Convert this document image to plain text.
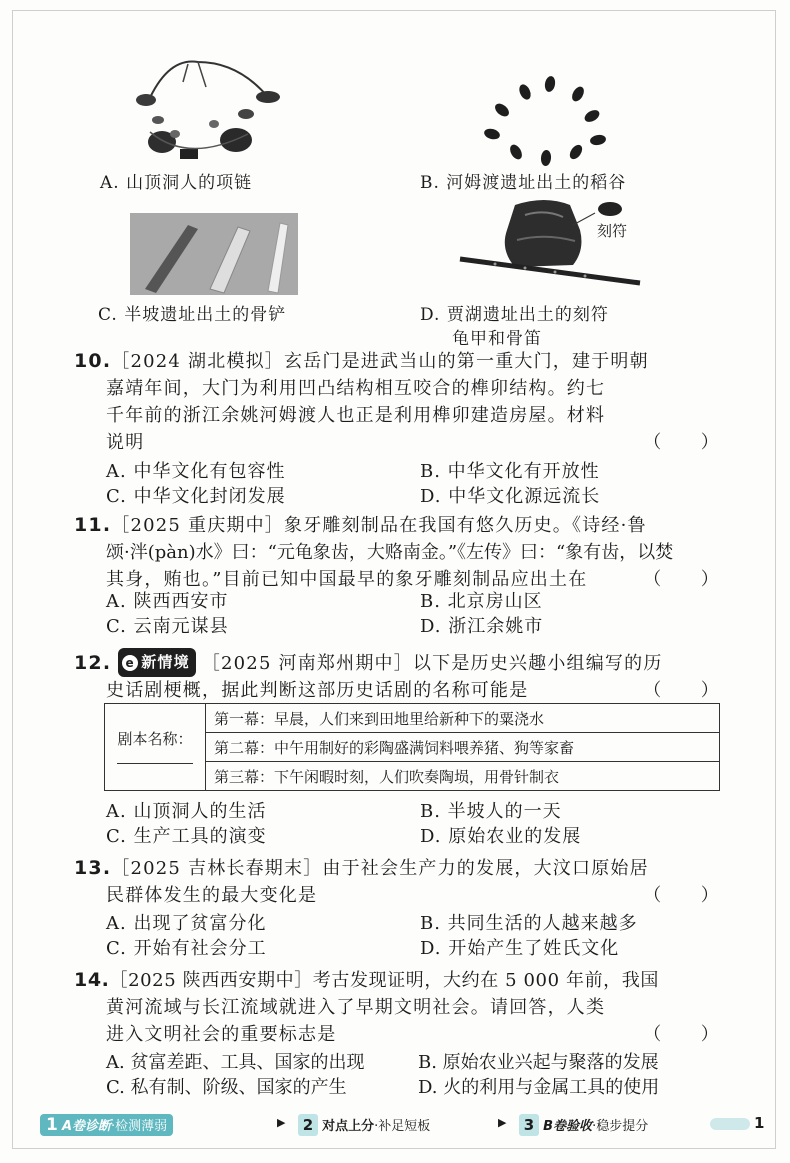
A. 山顶洞人的项链	B. 河姆渡遗址出土的稻谷
C. 半坡遗址出土的骨铲
刻符
D. 贾湖遗址出土的刻符
龟甲和骨笛
10.［2024 湖北模拟］玄岳门是进武当山的第一重大门，建于明朝
嘉靖年间，大门为利用凹凸结构相互咬合的榫卯结构。约七
千年前的浙江余姚河姆渡人也正是利用榫卯建造房屋。材料
说明	（　　）
A. 中华文化有包容性	B. 中华文化有开放性
C. 中华文化封闭发展	D. 中华文化源远流长
11.［2025 重庆期中］象牙雕刻制品在我国有悠久历史。《诗经·鲁
颂·泮(pàn)水》曰：“元龟象齿，大赂南金。”《左传》曰：“象有齿，以焚
其身，贿也。”目前已知中国最早的象牙雕刻制品应出土在	（　　）
A. 陕西西安市	B. 北京房山区
C. 云南元谋县	D. 浙江余姚市
12. e 新情境 ［2025 河南郑州期中］以下是历史兴趣小组编写的历
史话剧梗概，据此判断这部历史话剧的名称可能是	（　　）
剧本名称：
	第一幕：早晨，人们来到田地里给新种下的粟浇水
第二幕：中午用制好的彩陶盛满饲料喂养猪、狗等家畜
第三幕：下午闲暇时刻，人们吹奏陶埙，用骨针制衣
A. 山顶洞人的生活	B. 半坡人的一天
C. 生产工具的演变	D. 原始农业的发展
13.［2025 吉林长春期末］由于社会生产力的发展，大汶口原始居
民群体发生的最大变化是	（　　）
A. 出现了贫富分化	B. 共同生活的人越来越多
C. 开始有社会分工	D. 开始产生了姓氏文化
14.［2025 陕西西安期中］考古发现证明，大约在 5 000 年前，我国
黄河流域与长江流域就进入了早期文明社会。请回答，人类
进入文明社会的重要标志是	（　　）
A. 贫富差距、工具、国家的出现	B. 原始农业兴起与聚落的发展
C. 私有制、阶级、国家的产生	D. 火的利用与金属工具的使用
1 A卷诊断·检测薄弱	▶	2 对点上分·补足短板	▶	3 B卷验收·稳步提分	1
